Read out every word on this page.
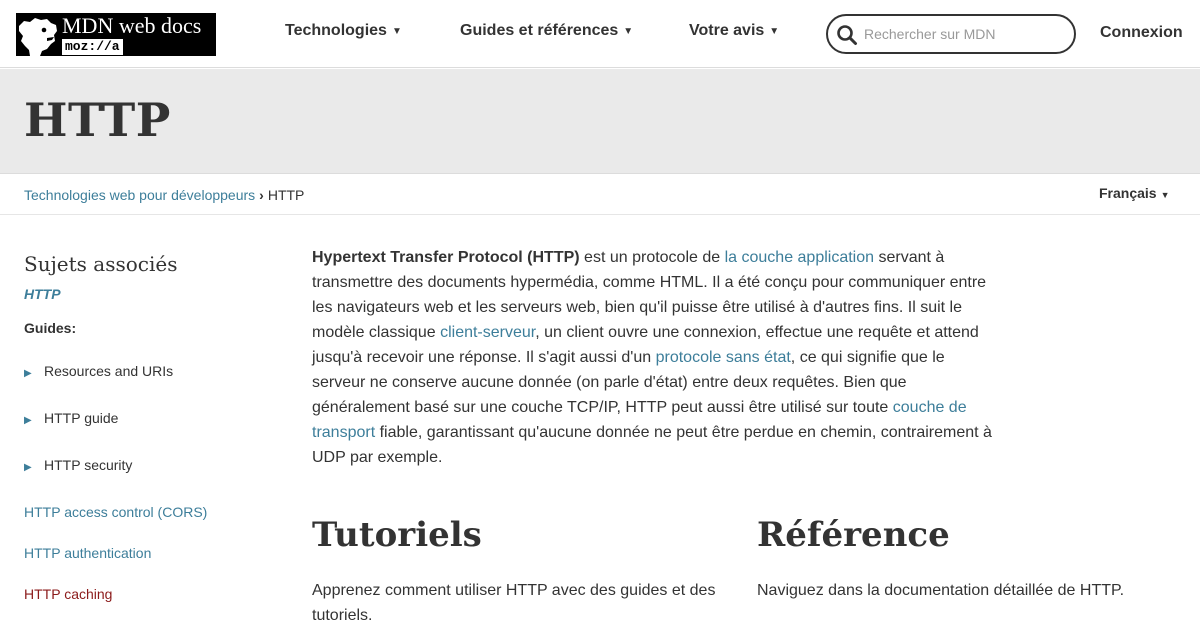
MDN web docs
moz://a
Technologies ▼	Guides et références ▼	Votre avis ▼
Rechercher sur MDN	Connexion
HTTP
Technologies web pour développeurs › HTTP	Français ▼
Sujets associés
HTTP
Guides:
▶ Resources and URIs
▶ HTTP guide
▶ HTTP security
HTTP access control (CORS)
HTTP authentication
HTTP caching

Hypertext Transfer Protocol (HTTP) est un protocole de la couche application servant à transmettre des documents hypermédia, comme HTML. Il a été conçu pour communiquer entre les navigateurs web et les serveurs web, bien qu'il puisse être utilisé à d'autres fins. Il suit le modèle classique client-serveur, un client ouvre une connexion, effectue une requête et attend jusqu'à recevoir une réponse. Il s'agit aussi d'un protocole sans état, ce qui signifie que le serveur ne conserve aucune donnée (on parle d'état) entre deux requêtes. Bien que généralement basé sur une couche TCP/IP, HTTP peut aussi être utilisé sur toute couche de transport fiable, garantissant qu'aucune donnée ne peut être perdue en chemin, contrairement à UDP par exemple.

Tutoriels	Référence

Apprenez comment utiliser HTTP avec des guides et des tutoriels.

Naviguez dans la documentation détaillée de HTTP.
